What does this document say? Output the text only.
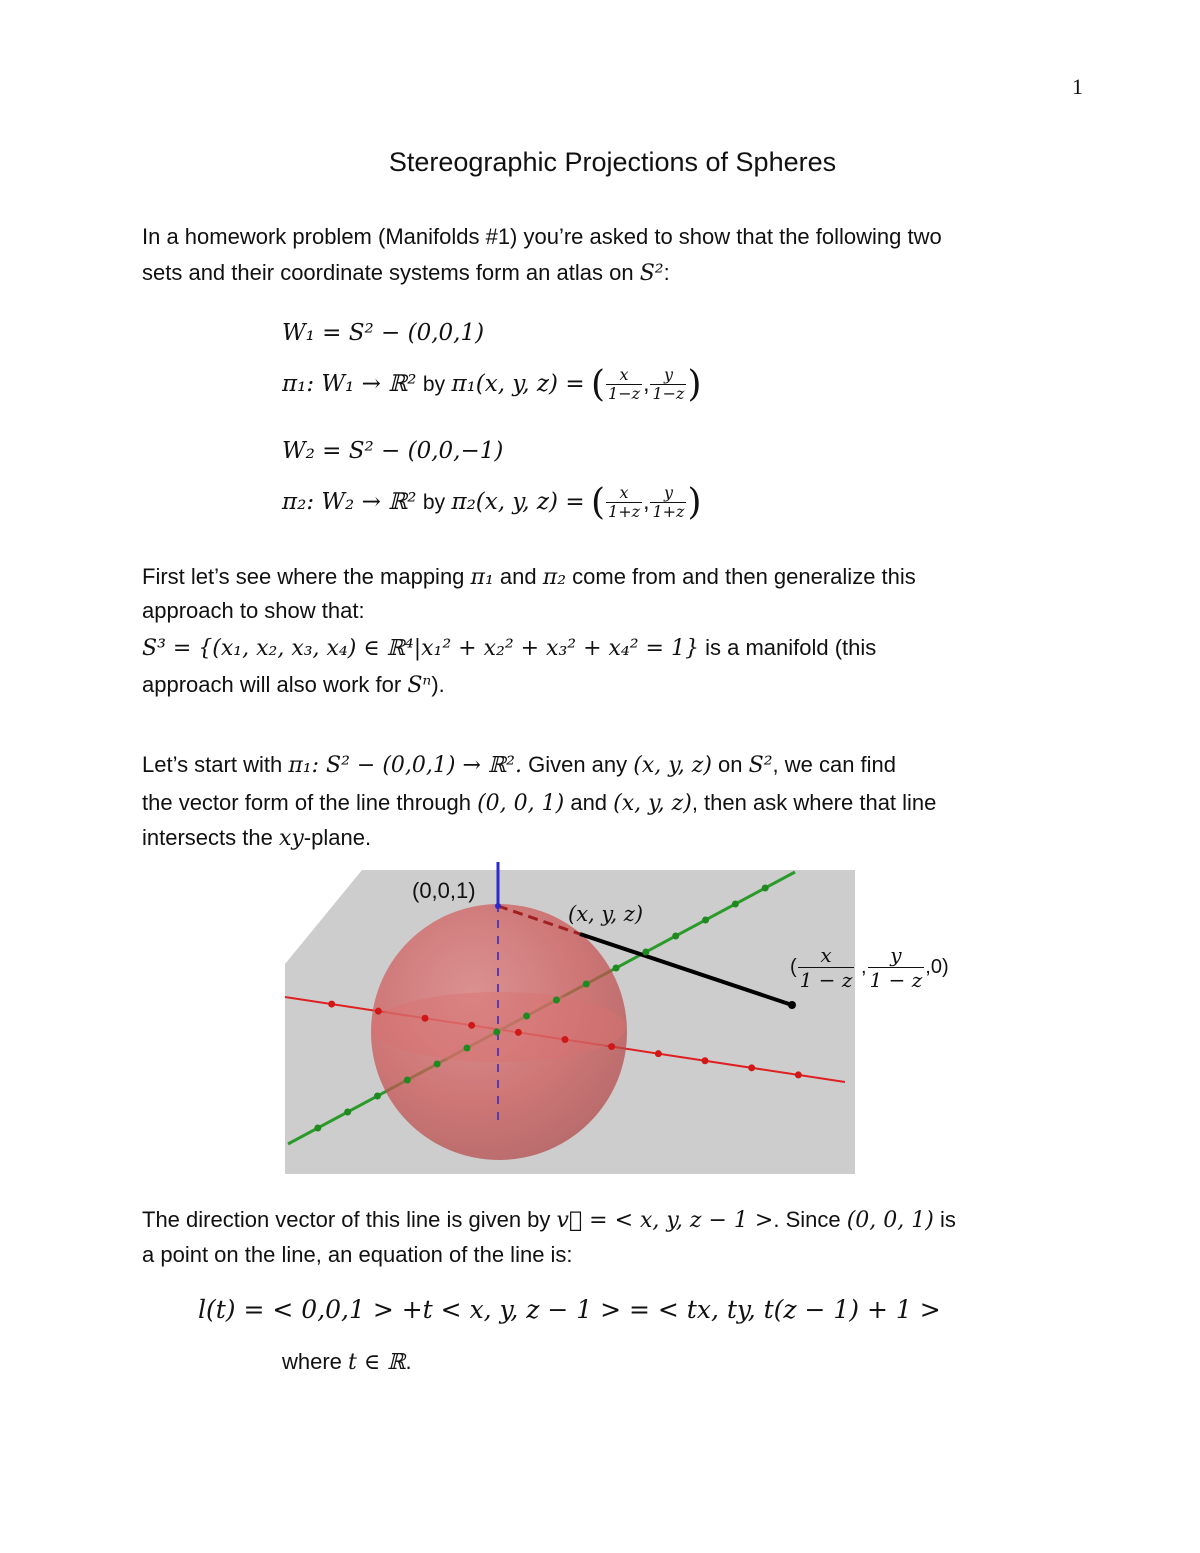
1
Stereographic Projections of Spheres
In a homework problem (Manifolds #1) you’re asked to show that the following two
sets and their coordinate systems form an atlas on S²:
W₁ = S² − (0,0,1)
π₁: W₁ → ℝ² by π₁(x, y, z) = ( $\frac{x}{1-z}$ , $\frac{y}{1-z}$ )
W₂ = S² − (0,0,−1)
π₂: W₂ → ℝ² by π₂(x, y, z) = ( $\frac{x}{1+z}$ , $\frac{y}{1+z}$ )
First let’s see where the mapping π₁ and π₂ come from and then generalize this
approach to show that:
S³ = {(x₁, x₂, x₃, x₄) ∈ ℝ⁴|x₁² + x₂² + x₃² + x₄² = 1} is a manifold (this
approach will also work for Sⁿ).
Let’s start with π₁: S² − (0,0,1) → ℝ². Given any (x, y, z) on S², we can find
the vector form of the line through (0, 0, 1) and (x, y, z), then ask where that line
intersects the xy-plane.
(0,0,1)
(x, y, z)
( $\frac{x}{1 - z}$ , $\frac{y}{1 - z} ,0$)
The direction vector of this line is given by v⃗ = < x, y, z − 1 >. Since (0, 0, 1) is
a point on the line, an equation of the line is:
l(t) = < 0,0,1 > +t < x, y, z − 1 > = < tx, ty, t(z − 1) + 1 >
where t ∈ ℝ.
